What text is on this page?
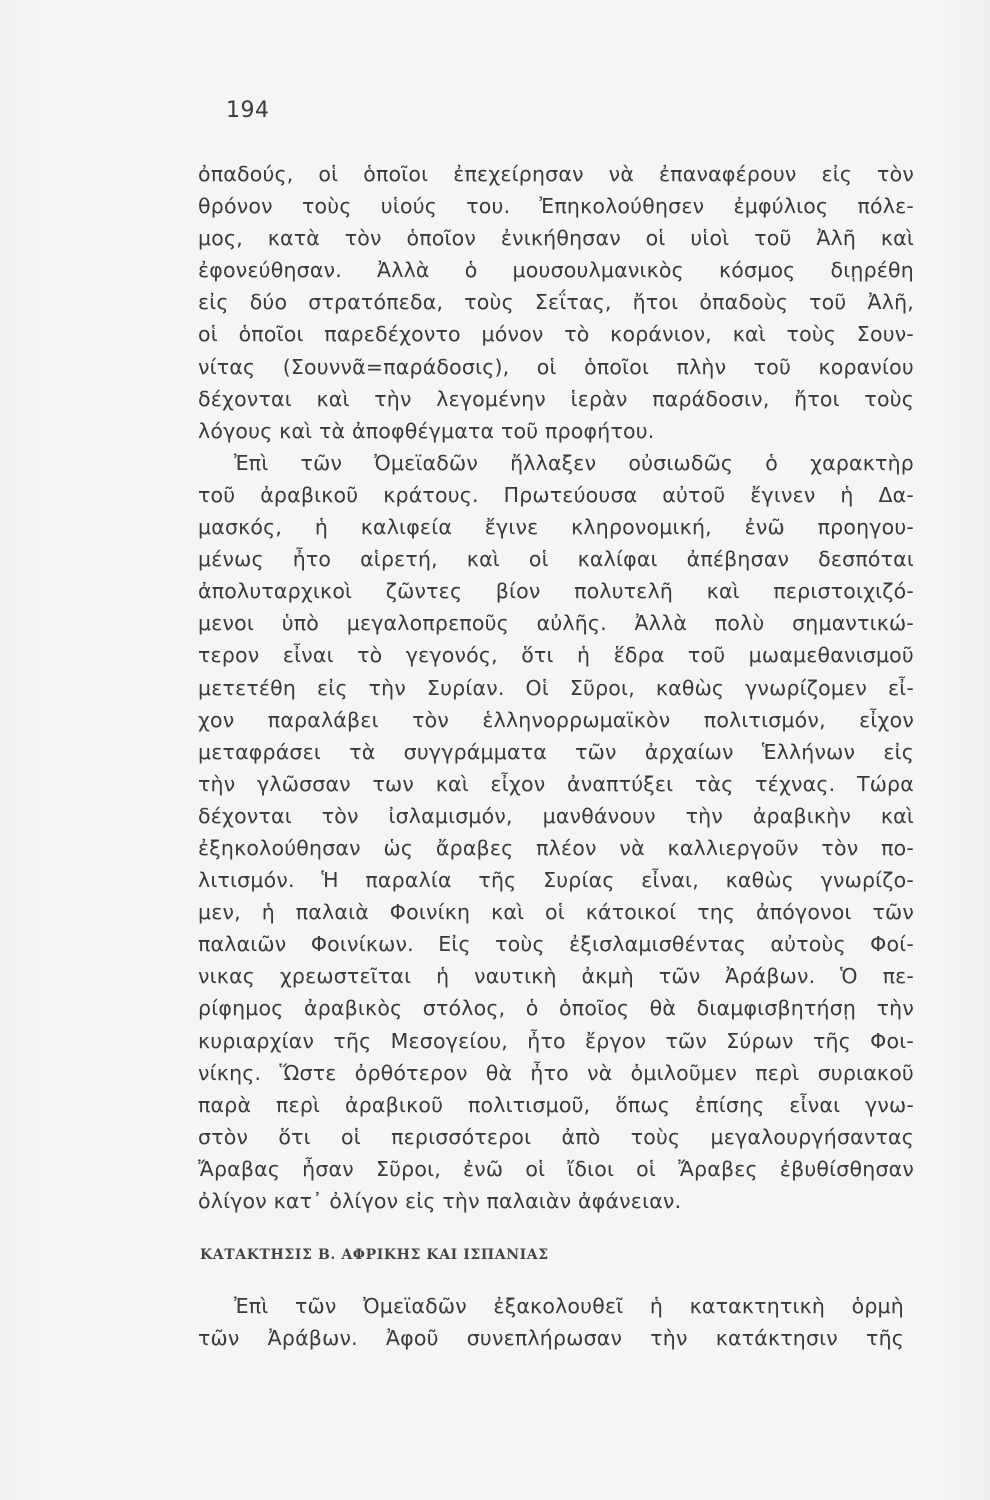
194
ὀπαδούς, οἱ ὁποῖοι ἐπεχείρησαν νὰ ἐπαναφέρουν εἰς τὸν
θρόνον τοὺς υἱούς του. Ἐπηκολούθησεν ἐμφύλιος πόλε-
μος, κατὰ τὸν ὁποῖον ἐνικήθησαν οἱ υἱοὶ τοῦ Ἀλῆ καὶ
ἐφονεύθησαν. Ἀλλὰ ὁ μουσουλμανικὸς κόσμος διῃρέθη
εἰς δύο στρατόπεδα, τοὺς Σεΐτας, ἤτοι ὀπαδοὺς τοῦ Ἀλῆ,
οἱ ὁποῖοι παρεδέχοντο μόνον τὸ κοράνιον, καὶ τοὺς Σουν-
νίτας (Σουννᾶ=παράδοσις), οἱ ὁποῖοι πλὴν τοῦ κορανίου
δέχονται καὶ τὴν λεγομένην ἱερὰν παράδοσιν, ἤτοι τοὺς
λόγους καὶ τὰ ἀποφθέγματα τοῦ προφήτου.
Ἐπὶ τῶν Ὀμεϊαδῶν ἤλλαξεν οὐσιωδῶς ὁ χαρακτὴρ
τοῦ ἀραβικοῦ κράτους. Πρωτεύουσα αὐτοῦ ἔγινεν ἡ Δα-
μασκός, ἡ καλιφεία ἔγινε κληρονομική, ἐνῶ προηγου-
μένως ἦτο αἱρετή, καὶ οἱ καλίφαι ἀπέβησαν δεσπόται
ἀπολυταρχικοὶ ζῶντες βίον πολυτελῆ καὶ περιστοιχιζό-
μενοι ὑπὸ μεγαλοπρεποῦς αὐλῆς. Ἀλλὰ πολὺ σημαντικώ-
τερον εἶναι τὸ γεγονός, ὅτι ἡ ἕδρα τοῦ μωαμεθανισμοῦ
μετετέθη εἰς τὴν Συρίαν. Οἱ Σῦροι, καθὼς γνωρίζομεν εἶ-
χον παραλάβει τὸν ἑλληνορρωμαϊκὸν πολιτισμόν, εἶχον
μεταφράσει τὰ συγγράμματα τῶν ἀρχαίων Ἑλλήνων εἰς
τὴν γλῶσσαν των καὶ εἶχον ἀναπτύξει τὰς τέχνας. Τώρα
δέχονται τὸν ἰσλαμισμόν, μανθάνουν τὴν ἀραβικὴν καὶ
ἐξηκολούθησαν ὡς ἄραβες πλέον νὰ καλλιεργοῦν τὸν πο-
λιτισμόν. Ἡ παραλία τῆς Συρίας εἶναι, καθὼς γνωρίζο-
μεν, ἡ παλαιὰ Φοινίκη καὶ οἱ κάτοικοί της ἀπόγονοι τῶν
παλαιῶν Φοινίκων. Εἰς τοὺς ἐξισλαμισθέντας αὐτοὺς Φοί-
νικας χρεωστεῖται ἡ ναυτικὴ ἀκμὴ τῶν Ἀράβων. Ὁ πε-
ρίφημος ἀραβικὸς στόλος, ὁ ὁποῖος θὰ διαμφισβητήσῃ τὴν
κυριαρχίαν τῆς Μεσογείου, ἦτο ἔργον τῶν Σύρων τῆς Φοι-
νίκης. Ὥστε ὀρθότερον θὰ ἦτο νὰ ὁμιλοῦμεν περὶ συριακοῦ
παρὰ περὶ ἀραβικοῦ πολιτισμοῦ, ὅπως ἐπίσης εἶναι γνω-
στὸν ὅτι οἱ περισσότεροι ἀπὸ τοὺς μεγαλουργήσαντας
Ἄραβας ἦσαν Σῦροι, ἐνῶ οἱ ἴδιοι οἱ Ἄραβες ἐβυθίσθησαν
ὀλίγον κατ᾽ ὀλίγον εἰς τὴν παλαιὰν ἀφάνειαν.
ΚΑΤΑΚΤΗΣΙΣ Β. ΑΦΡΙΚΗΣ ΚΑΙ ΙΣΠΑΝΙΑΣ
Ἐπὶ τῶν Ὀμεϊαδῶν ἐξακολουθεῖ ἡ κατακτητικὴ ὁρμὴ
τῶν Ἀράβων. Ἀφοῦ συνεπλήρωσαν τὴν κατάκτησιν τῆς
